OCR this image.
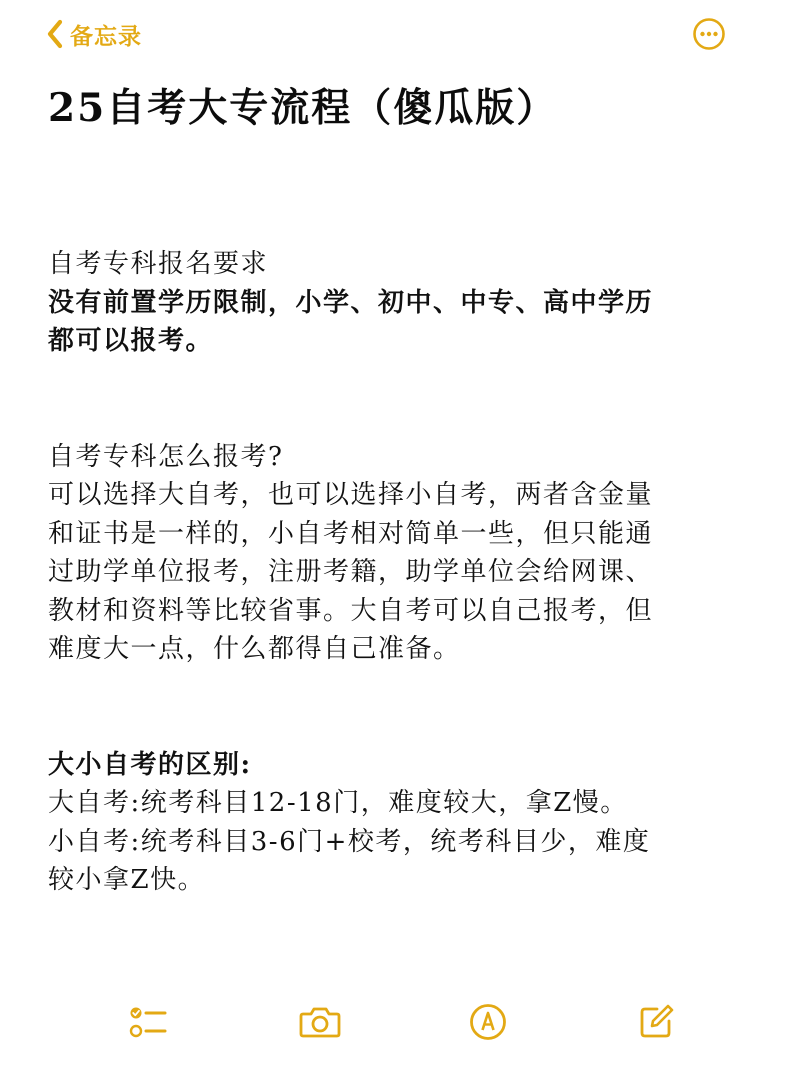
备忘录
25自考大专流程（傻瓜版）

自考专科报名要求

没有前置学历限制，小学、初中、中专、高中学历

都可以报考。

自考专科怎么报考?

可以选择大自考，也可以选择小自考，两者含金量

和证书是一样的，小自考相对简单一些，但只能通

过助学单位报考，注册考籍，助学单位会给网课、

教材和资料等比较省事。大自考可以自己报考，但

难度大一点，什么都得自己准备。

大小自考的区别:

大自考:统考科目12-18门，难度较大，拿Z慢。

小自考:统考科目3-6门+校考，统考科目少，难度

较小拿Z快。
